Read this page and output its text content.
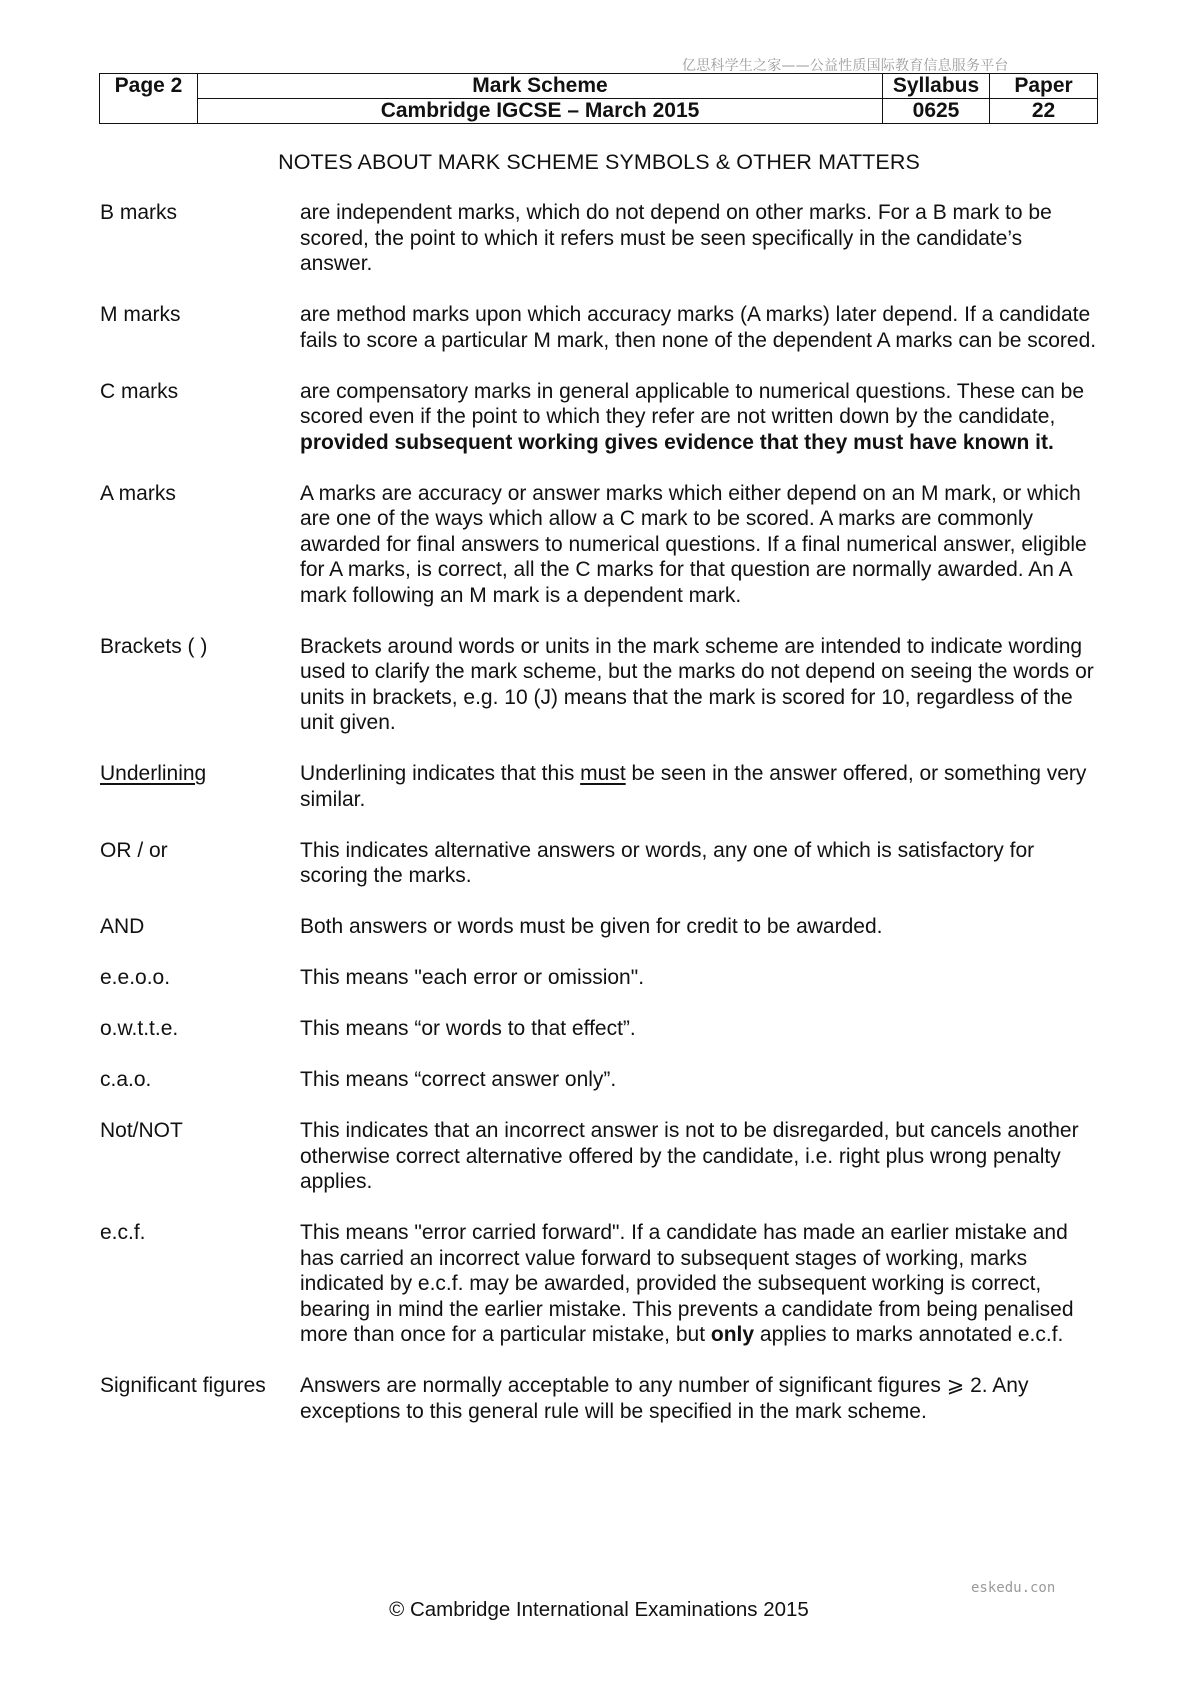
亿思科学生之家——公益性质国际教育信息服务平台
Page 2	Mark Scheme	Syllabus	Paper
	Cambridge IGCSE – March 2015	0625	22
NOTES ABOUT MARK SCHEME SYMBOLS & OTHER MATTERS
B marks	are independent marks, which do not depend on other marks. For a B mark to be scored, the point to which it refers must be seen specifically in the candidate’s answer.
M marks	are method marks upon which accuracy marks (A marks) later depend. If a candidate fails to score a particular M mark, then none of the dependent A marks can be scored.
C marks	are compensatory marks in general applicable to numerical questions. These can be scored even if the point to which they refer are not written down by the candidate, provided subsequent working gives evidence that they must have known it.
A marks	A marks are accuracy or answer marks which either depend on an M mark, or which are one of the ways which allow a C mark to be scored. A marks are commonly awarded for final answers to numerical questions. If a final numerical answer, eligible for A marks, is correct, all the C marks for that question are normally awarded. An A mark following an M mark is a dependent mark.
Brackets ( )	Brackets around words or units in the mark scheme are intended to indicate wording used to clarify the mark scheme, but the marks do not depend on seeing the words or units in brackets, e.g. 10 (J) means that the mark is scored for 10, regardless of the unit given.
Underlining	Underlining indicates that this must be seen in the answer offered, or something very similar.
OR / or	This indicates alternative answers or words, any one of which is satisfactory for scoring the marks.
AND	Both answers or words must be given for credit to be awarded.
e.e.o.o.	This means "each error or omission".
o.w.t.t.e.	This means “or words to that effect”.
c.a.o.	This means “correct answer only”.
Not/NOT	This indicates that an incorrect answer is not to be disregarded, but cancels another otherwise correct alternative offered by the candidate, i.e. right plus wrong penalty applies.
e.c.f.	This means "error carried forward". If a candidate has made an earlier mistake and has carried an incorrect value forward to subsequent stages of working, marks indicated by e.c.f. may be awarded, provided the subsequent working is correct, bearing in mind the earlier mistake. This prevents a candidate from being penalised more than once for a particular mistake, but only applies to marks annotated e.c.f.
Significant figures	Answers are normally acceptable to any number of significant figures ⩾ 2. Any exceptions to this general rule will be specified in the mark scheme.
eskedu.con
© Cambridge International Examinations 2015
